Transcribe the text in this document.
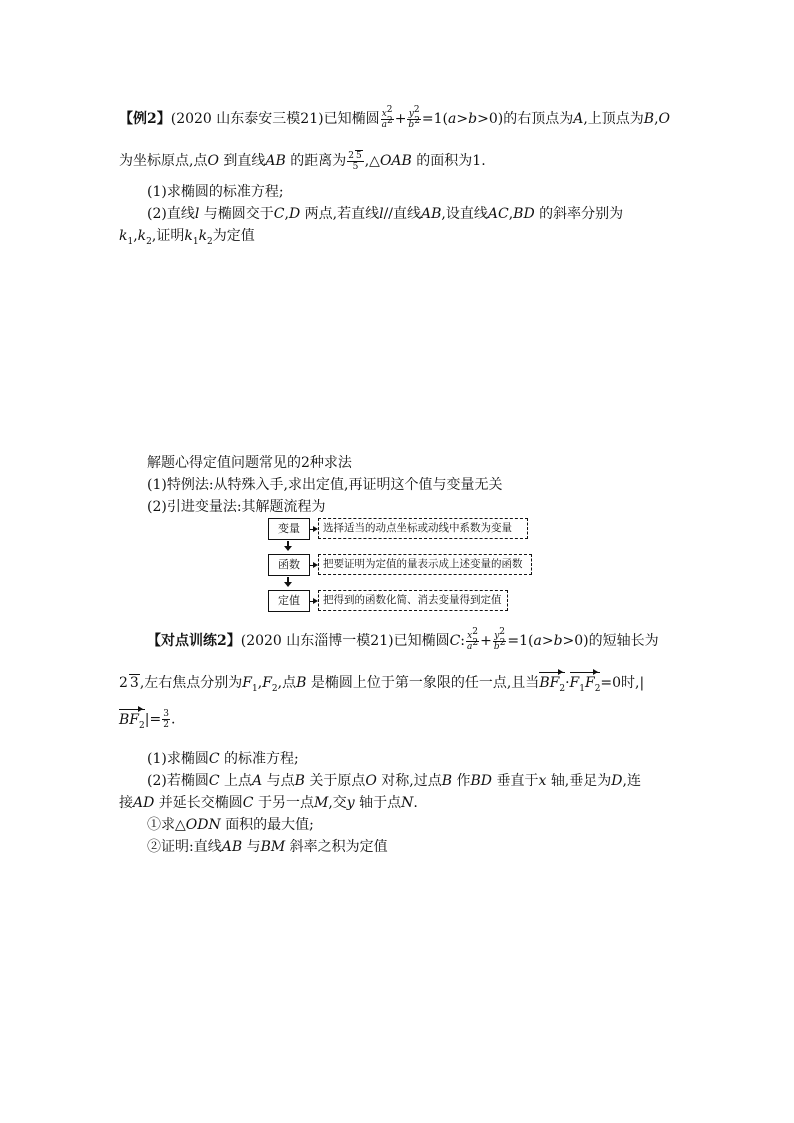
【例2】(2020 山东泰安三模21)已知椭圆 $\frac{x^2}{a^2} + \frac{y^2}{b^2} =1(a>b>0)$的右顶点为A,上顶点为B,O
为坐标原点,点O 到直线AB 的距离为 $\frac{2 5}{5}$ ,△OAB 的面积为1.
(1)求椭圆的标准方程;
(2)直线l 与椭圆交于C,D 两点,若直线l//直线AB,设直线AC,BD 的斜率分别为
$k_1,k_2$,证明$k_1k_2$为定值
解题心得定值问题常见的2种求法
(1)特例法:从特殊入手,求出定值,再证明这个值与变量无关
(2)引进变量法:其解题流程为
变量	选择适当的动点坐标或动线中系数为变量
函数	把要证明为定值的量表示成上述变量的函数
定值	把得到的函数化简、消去变量得到定值
【对点训练2】(2020 山东淄博一模21)已知椭圆C: $\frac{x^2}{a^2} + \frac{y^2}{b^2} =1(a>b>0)$的短轴长为
2 3,左右焦点分别为$F_1,F_2$,点B 是椭圆上位于第一象限的任一点,且当$BF_2\cdot F_1F_2=0$时,|
$BF_2|= \frac{3}{2}$ .
(1)求椭圆C 的标准方程;
(2)若椭圆C 上点A 与点B 关于原点O 对称,过点B 作BD 垂直于x 轴,垂足为D,连
接AD 并延长交椭圆C 于另一点M,交y 轴于点N.
①求△ODN 面积的最大值;
②证明:直线AB 与BM 斜率之积为定值
